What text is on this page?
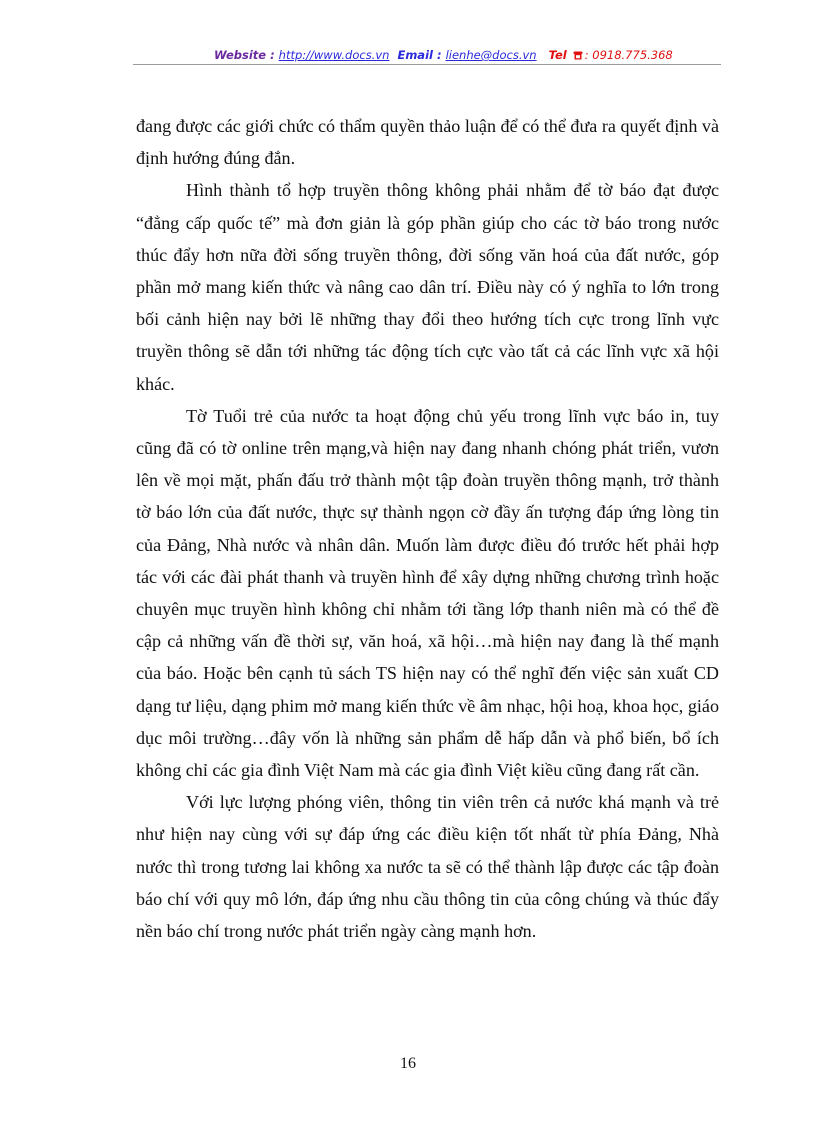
Website : http://www.docs.vn Email : lienhe@docs.vn Tel : 0918.775.368

đang được các giới chức có thẩm quyền thảo luận để có thể đưa ra quyết định và định hướng đúng đắn.

Hình thành tổ hợp truyền thông không phải nhằm để tờ báo đạt được “đẳng cấp quốc tế” mà đơn giản là góp phần giúp cho các tờ báo trong nước thúc đẩy hơn nữa đời sống truyền thông, đời sống văn hoá của đất nước, góp phần mở mang kiến thức và nâng cao dân trí. Điều này có ý nghĩa to lớn trong bối cảnh hiện nay bởi lẽ những thay đổi theo hướng tích cực trong lĩnh vực truyền thông sẽ dẫn tới những tác động tích cực vào tất cả các lĩnh vực xã hội khác.

Tờ Tuổi trẻ của nước ta hoạt động chủ yếu trong lĩnh vực báo in, tuy cũng đã có tờ online trên mạng,và hiện nay đang nhanh chóng phát triển, vươn lên về mọi mặt, phấn đấu trở thành một tập đoàn truyền thông mạnh, trở thành tờ báo lớn của đất nước, thực sự thành ngọn cờ đầy ấn tượng đáp ứng lòng tin của Đảng, Nhà nước và nhân dân. Muốn làm được điều đó trước hết phải hợp tác với các đài phát thanh và truyền hình để xây dựng những chương trình hoặc chuyên mục truyền hình không chỉ nhằm tới tầng lớp thanh niên mà có thể đề cập cả những vấn đề thời sự, văn hoá, xã hội…mà hiện nay đang là thế mạnh của báo. Hoặc bên cạnh tủ sách TS hiện nay có thể nghĩ đến việc sản xuất CD dạng tư liệu, dạng phim mở mang kiến thức về âm nhạc, hội hoạ, khoa học, giáo dục môi trường…đây vốn là những sản phẩm dễ hấp dẫn và phổ biến, bổ ích không chỉ các gia đình Việt Nam mà các gia đình Việt kiều cũng đang rất cần.

Với lực lượng phóng viên, thông tin viên trên cả nước khá mạnh và trẻ như hiện nay cùng với sự đáp ứng các điều kiện tốt nhất từ phía Đảng, Nhà nước thì trong tương lai không xa nước ta sẽ có thể thành lập được các tập đoàn báo chí với quy mô lớn, đáp ứng nhu cầu thông tin của công chúng và thúc đẩy nền báo chí trong nước phát triển ngày càng mạnh hơn.

16
